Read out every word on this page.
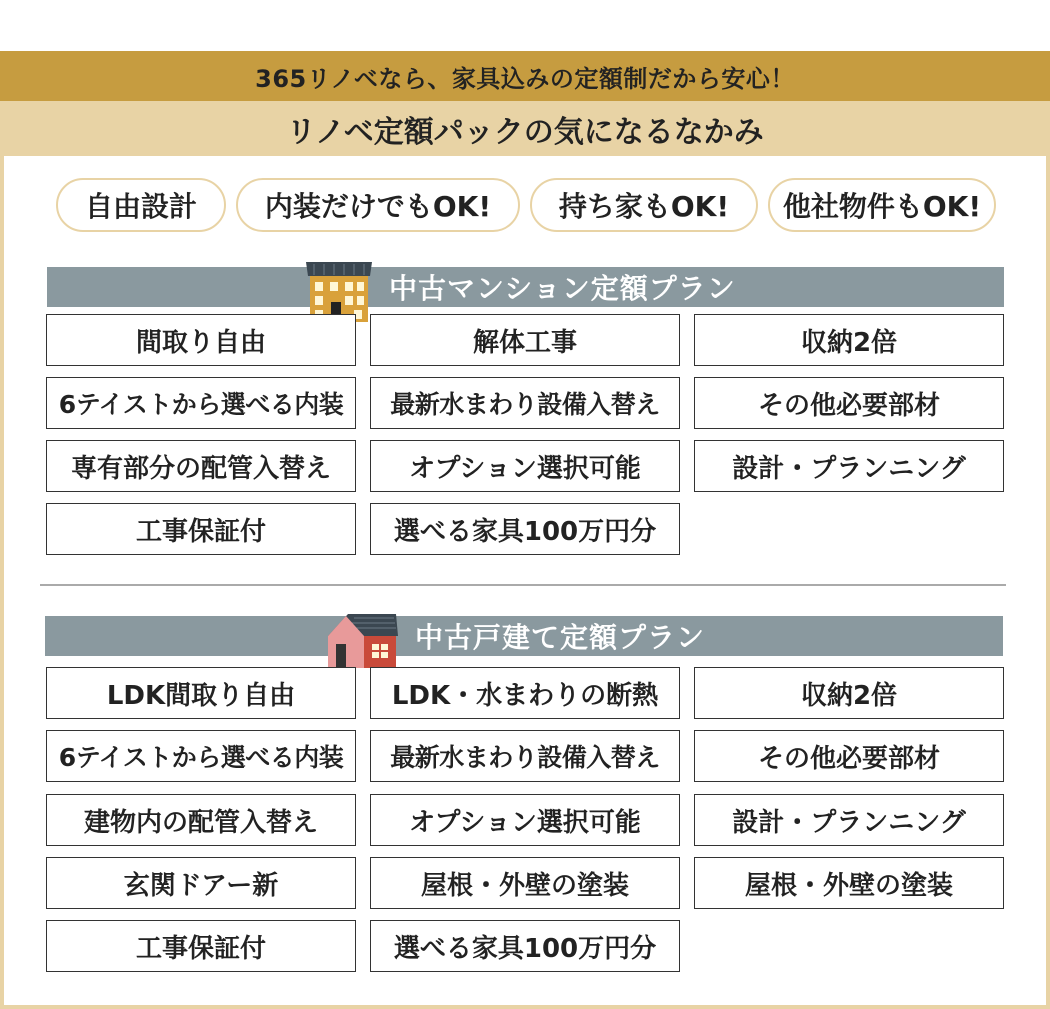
365リノベなら、家具込みの定額制だから安心！
リノベ定額パックの気になるなかみ
自由設計 内装だけでもOK! 持ち家もOK! 他社物件もOK!
中古マンション定額プラン
間取り自由	解体工事	収納2倍
6テイストから選べる内装	最新水まわり設備入替え	その他必要部材
専有部分の配管入替え	オプション選択可能	設計・プランニング
工事保証付	選べる家具100万円分
中古戸建て定額プラン
LDK間取り自由	LDK・水まわりの断熱	収納2倍
6テイストから選べる内装	最新水まわり設備入替え	その他必要部材
建物内の配管入替え	オプション選択可能	設計・プランニング
玄関ドアー新	屋根・外壁の塗装	屋根・外壁の塗装
工事保証付	選べる家具100万円分
